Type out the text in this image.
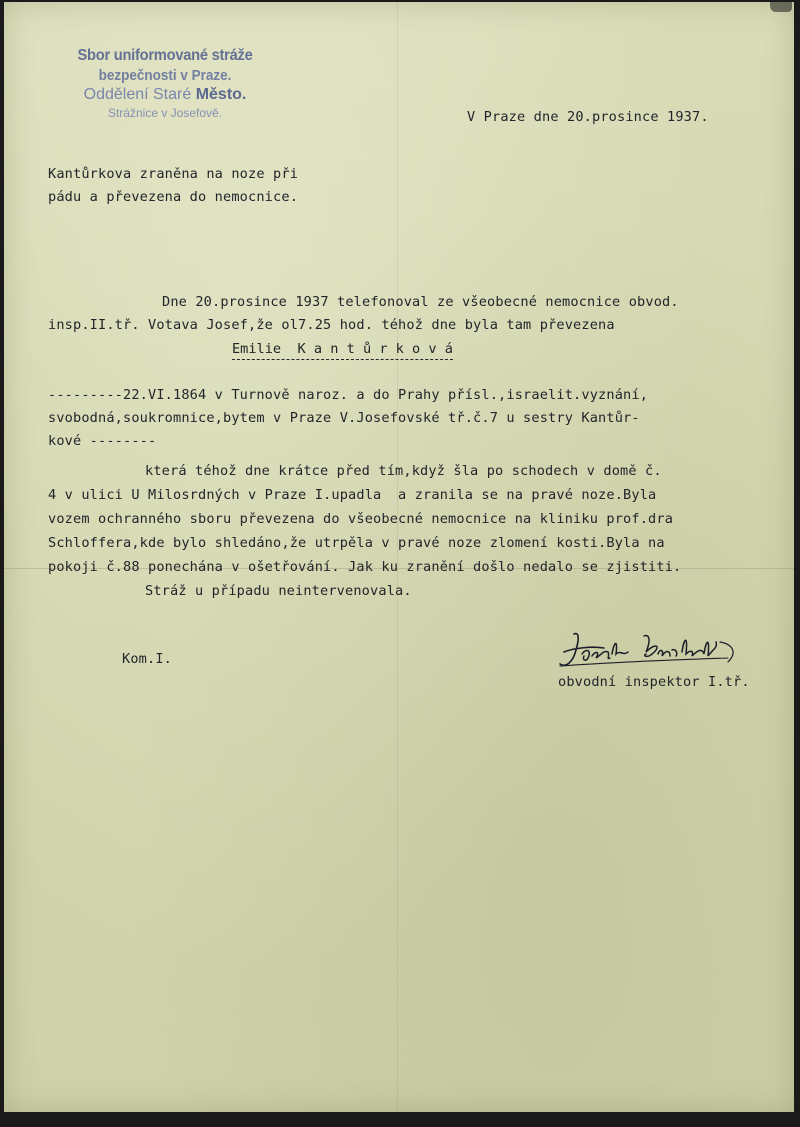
Sbor uniformované stráže
bezpečnosti v Praze.
Oddělení Staré Město.
Strážnice v Josefově.	V Praze dne 20.prosince 1937.
Kantůrkova zraněna na noze při
pádu a převezena do nemocnice.
Dne 20.prosince 1937 telefonoval ze všeobecné nemocnice obvod.
insp.II.tř. Votava Josef,že ol7.25 hod. téhož dne byla tam převezena
Emilie  K a n t ů r k o v á
---------22.VI.1864 v Turnově naroz. a do Prahy přísl.,israelit.vyznání,
svobodná,soukromnice,bytem v Praze V.Josefovské tř.č.7 u sestry Kantůr-
kové --------
která téhož dne krátce před tím,když šla po schodech v domě č.
4 v ulici U Milosrdných v Praze I.upadla  a zranila se na pravé noze.Byla
vozem ochranného sboru převezena do všeobecné nemocnice na kliniku prof.dra
Schloffera,kde bylo shledáno,že utrpěla v pravé noze zlomení kosti.Byla na
pokoji č.88 ponechána v ošetřování. Jak ku zranění došlo nedalo se zjistiti.
Stráž u případu neintervenovala.
Kom.I.
obvodní inspektor I.tř.
